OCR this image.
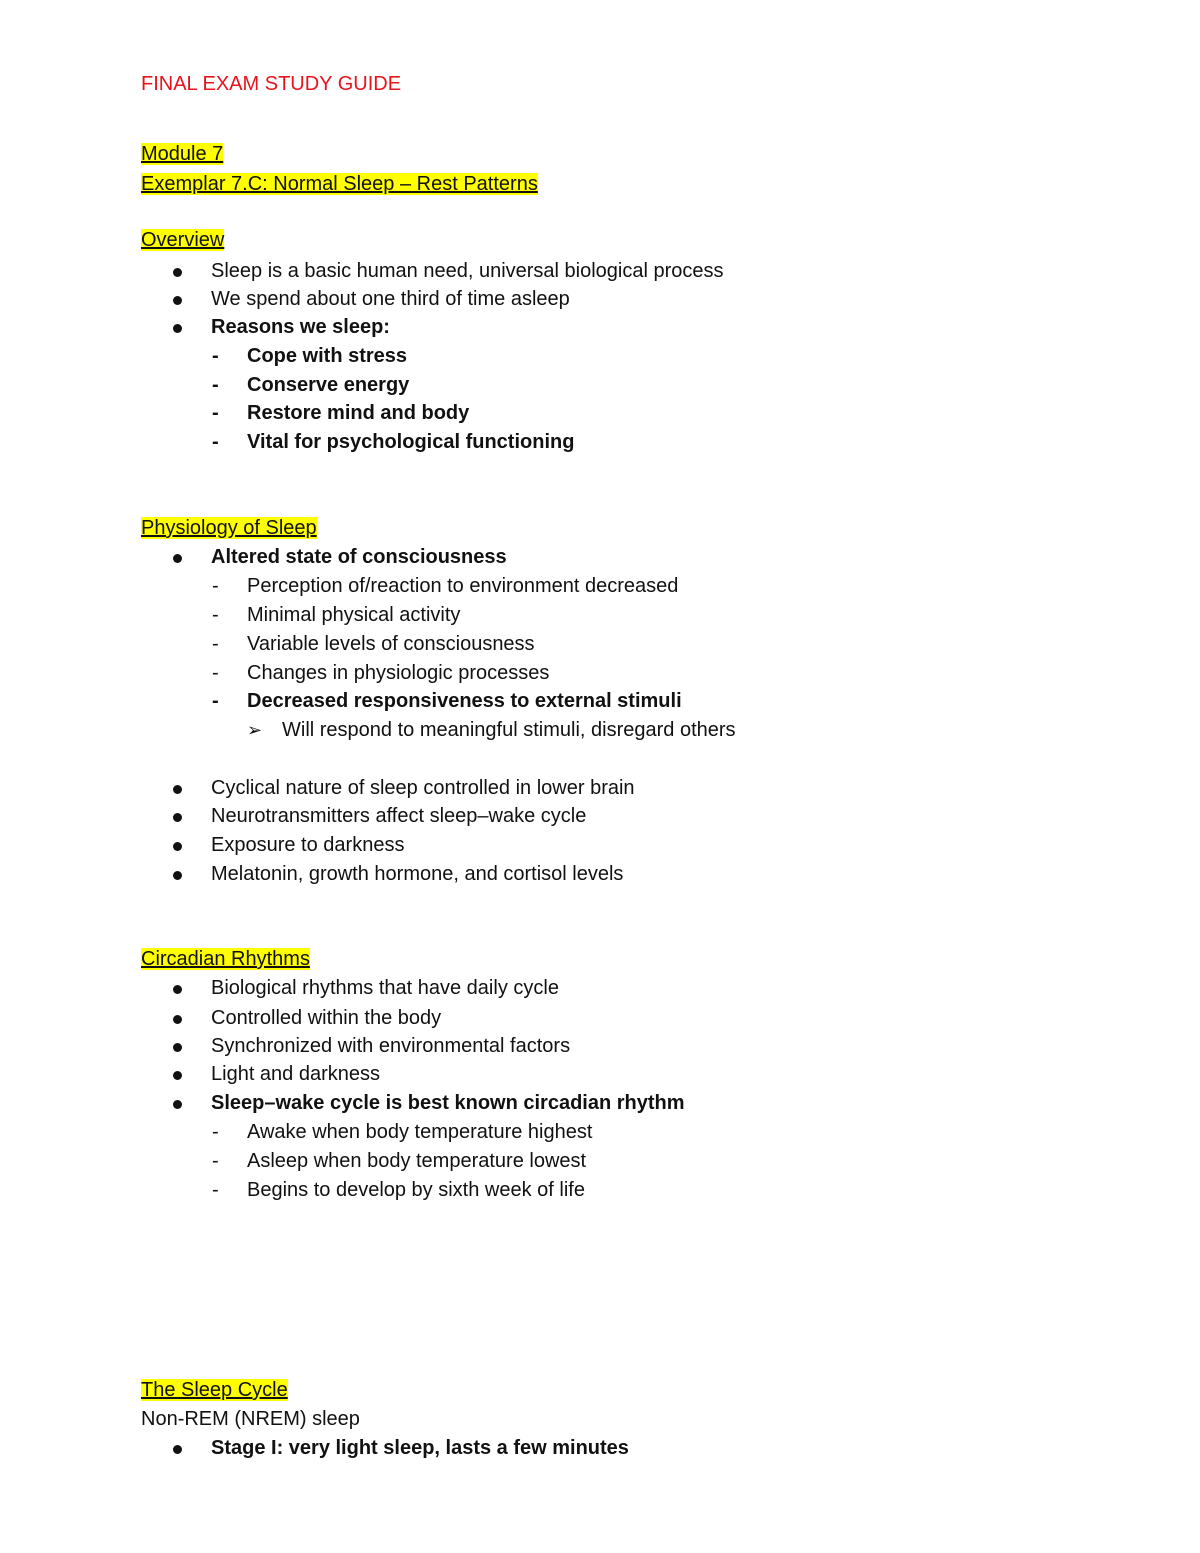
FINAL EXAM STUDY GUIDE
Module 7
Exemplar 7.C: Normal Sleep – Rest Patterns
Overview
Sleep is a basic human need, universal biological process
We spend about one third of time asleep
Reasons we sleep:
- Cope with stress
- Conserve energy
- Restore mind and body
- Vital for psychological functioning
Physiology of Sleep
Altered state of consciousness
- Perception of/reaction to environment decreased
- Minimal physical activity
- Variable levels of consciousness
- Changes in physiologic processes
- Decreased responsiveness to external stimuli
➢ Will respond to meaningful stimuli, disregard others
Cyclical nature of sleep controlled in lower brain
Neurotransmitters affect sleep–wake cycle
Exposure to darkness
Melatonin, growth hormone, and cortisol levels
Circadian Rhythms
Biological rhythms that have daily cycle
Controlled within the body
Synchronized with environmental factors
Light and darkness
Sleep–wake cycle is best known circadian rhythm
- Awake when body temperature highest
- Asleep when body temperature lowest
- Begins to develop by sixth week of life
The Sleep Cycle
Non-REM (NREM) sleep
Stage I: very light sleep, lasts a few minutes
